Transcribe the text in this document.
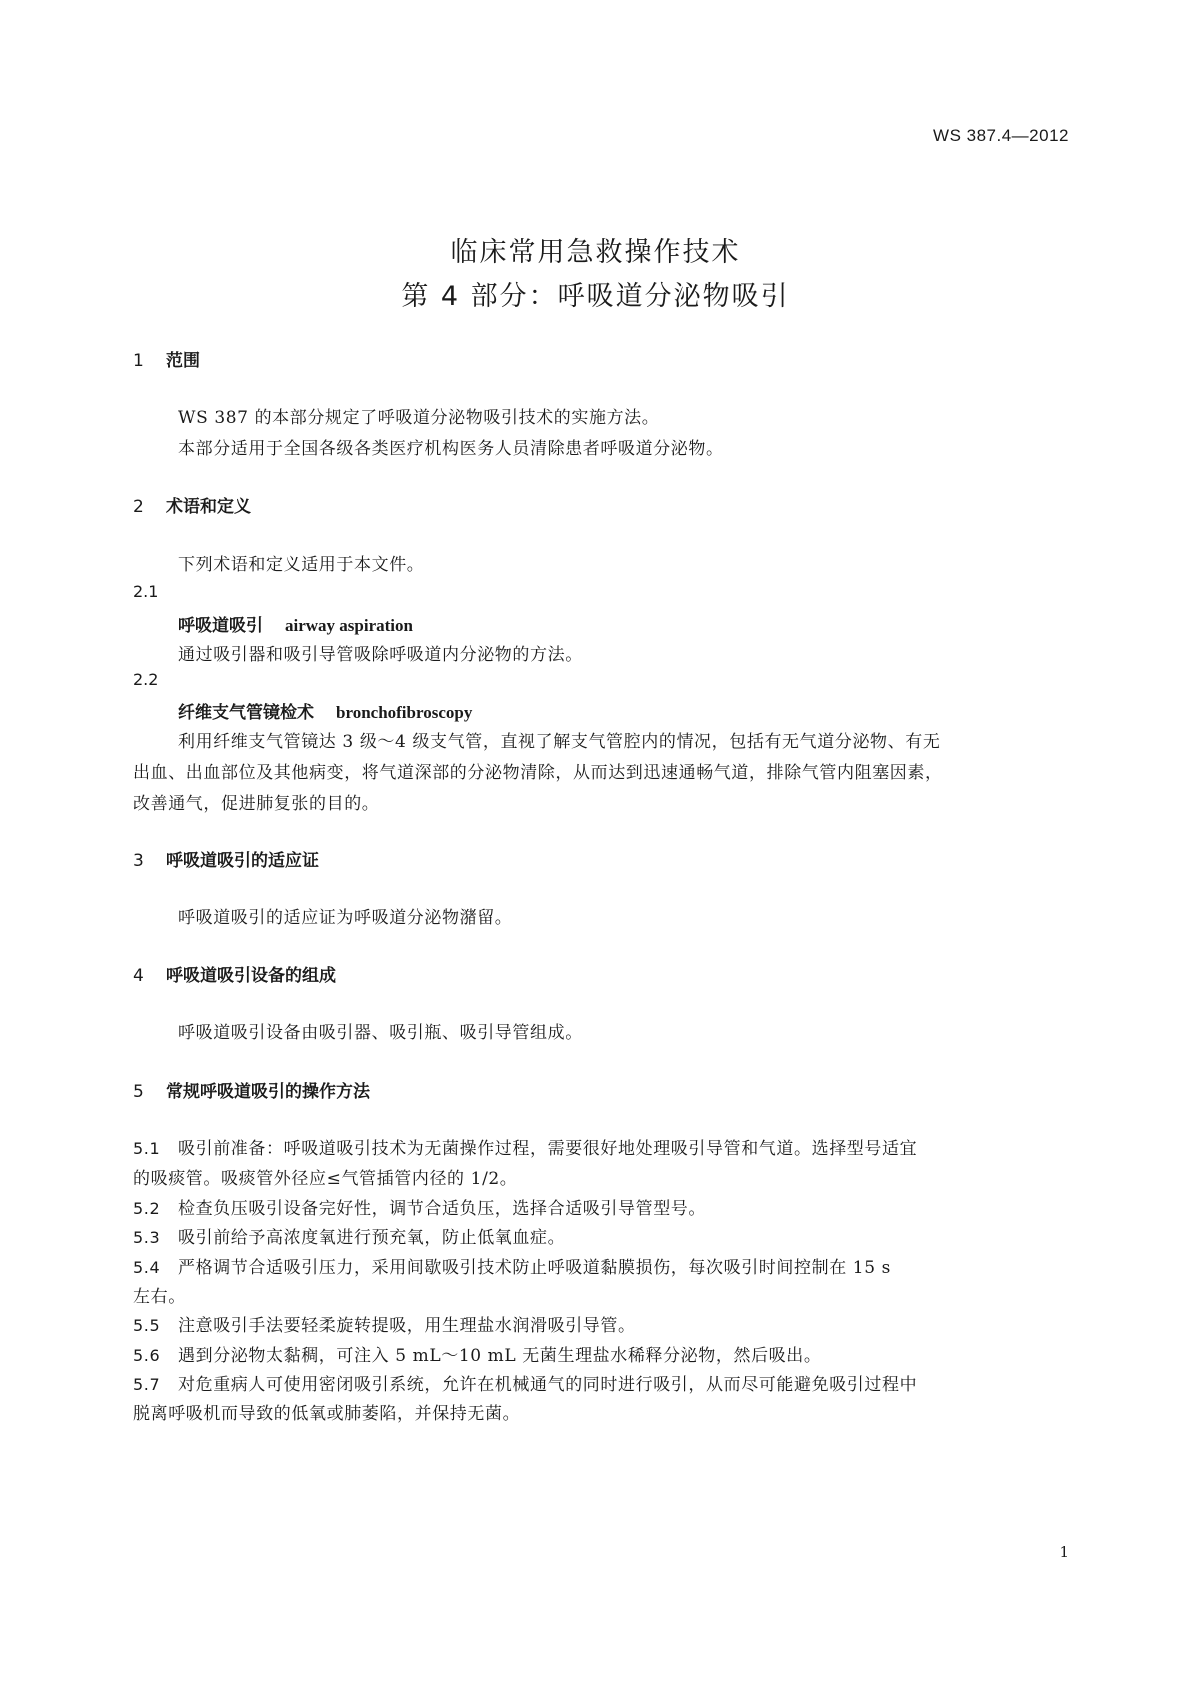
WS 387.4—2012
临床常用急救操作技术
第 4 部分：呼吸道分泌物吸引
1 范围
WS 387 的本部分规定了呼吸道分泌物吸引技术的实施方法。
本部分适用于全国各级各类医疗机构医务人员清除患者呼吸道分泌物。
2 术语和定义
下列术语和定义适用于本文件。
2.1
呼吸道吸引 airway aspiration
通过吸引器和吸引导管吸除呼吸道内分泌物的方法。
2.2
纤维支气管镜检术 bronchofibroscopy
利用纤维支气管镜达 3 级～4 级支气管，直视了解支气管腔内的情况，包括有无气道分泌物、有无
出血、出血部位及其他病变，将气道深部的分泌物清除，从而达到迅速通畅气道，排除气管内阻塞因素，
改善通气，促进肺复张的目的。
3 呼吸道吸引的适应证
呼吸道吸引的适应证为呼吸道分泌物潴留。
4 呼吸道吸引设备的组成
呼吸道吸引设备由吸引器、吸引瓶、吸引导管组成。
5 常规呼吸道吸引的操作方法
5.1 吸引前准备：呼吸道吸引技术为无菌操作过程，需要很好地处理吸引导管和气道。选择型号适宜
的吸痰管。吸痰管外径应≤气管插管内径的 1/2。
5.2 检查负压吸引设备完好性，调节合适负压，选择合适吸引导管型号。
5.3 吸引前给予高浓度氧进行预充氧，防止低氧血症。
5.4 严格调节合适吸引压力，采用间歇吸引技术防止呼吸道黏膜损伤，每次吸引时间控制在 15 s
左右。
5.5 注意吸引手法要轻柔旋转提吸，用生理盐水润滑吸引导管。
5.6 遇到分泌物太黏稠，可注入 5 mL～10 mL 无菌生理盐水稀释分泌物，然后吸出。
5.7 对危重病人可使用密闭吸引系统，允许在机械通气的同时进行吸引，从而尽可能避免吸引过程中
脱离呼吸机而导致的低氧或肺萎陷，并保持无菌。
1
